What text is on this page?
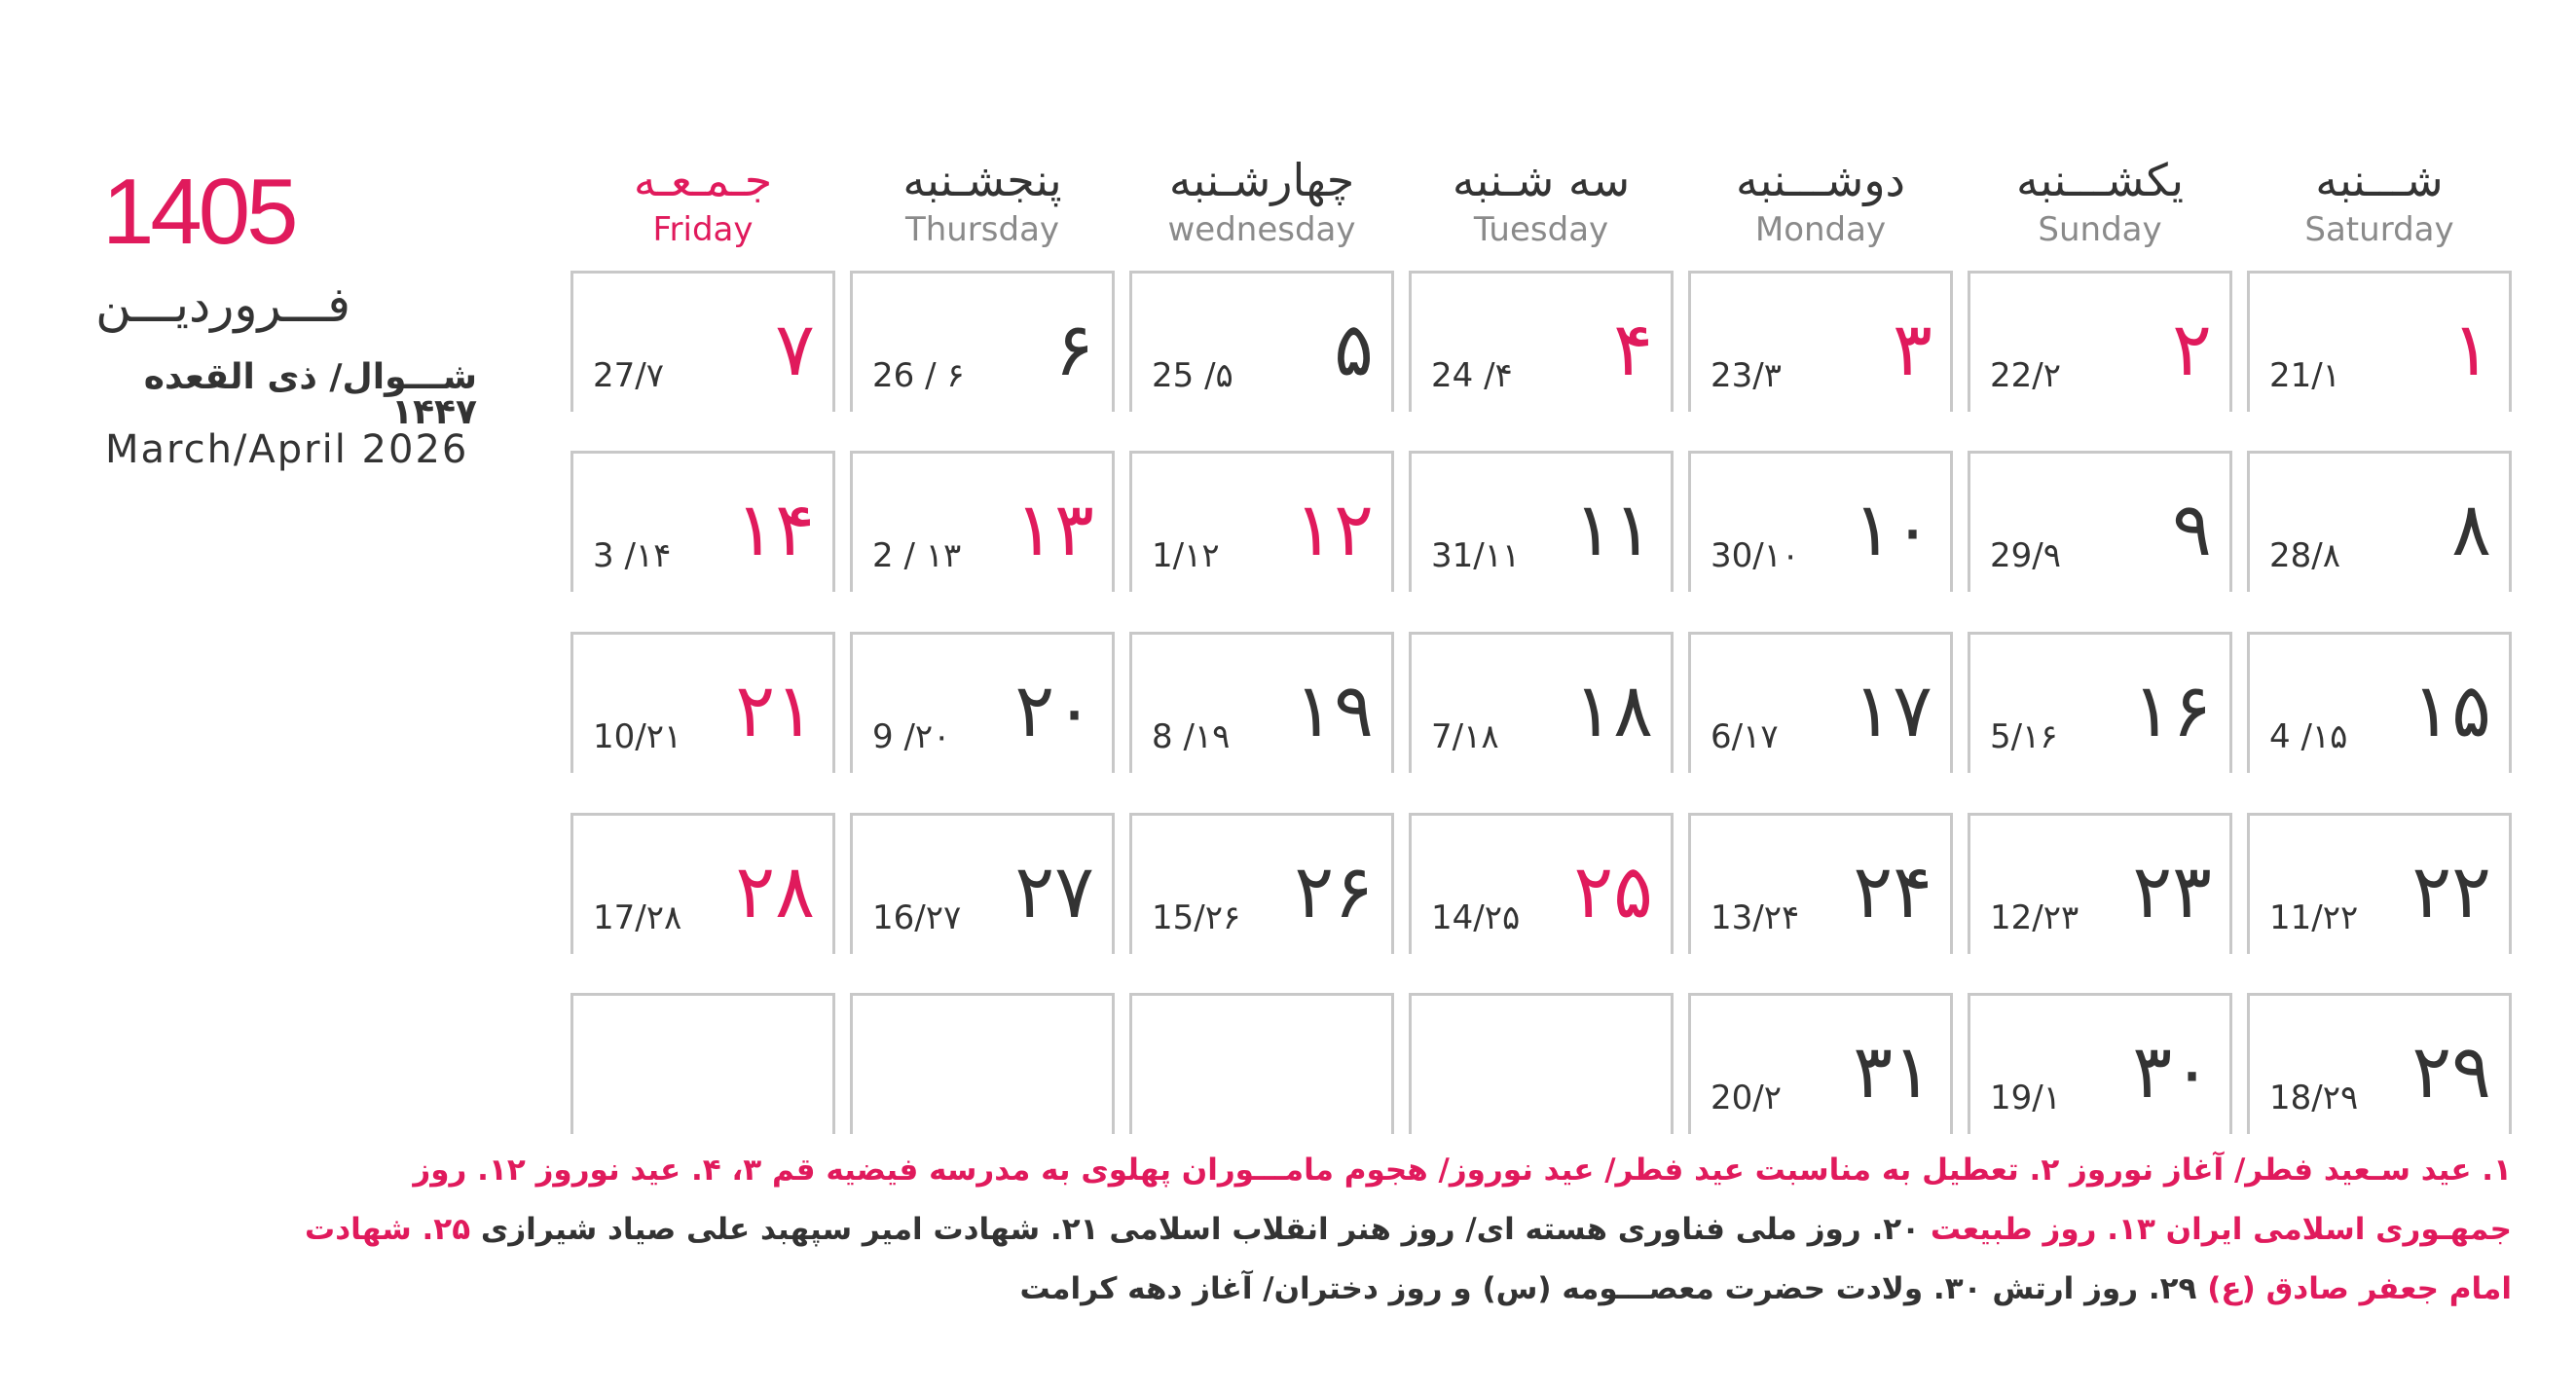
1405
فـــروردیـــن
شـــوال/ ذی القعده ۱۴۴۷
March/April 2026
شـــنبه
Saturday
یکشـــنبه
Sunday
دوشـــنبه
Monday
سه شـنبه
Tuesday
چهارشـنبه
wednesday
پنجشـنبه
Thursday
جـمـعـه
Friday
۱
21/۱
۲
22/۲
۳
23/۳
۴
24 /۴
۵
25 /۵
۶
26 / ۶
۷
27/۷
۸
28/۸
۹
29/۹
۱۰
30/۱۰
۱۱
31/۱۱
۱۲
1/۱۲
۱۳
2 / ۱۳
۱۴
3 /۱۴
۱۵
4 /۱۵
۱۶
5/۱۶
۱۷
6/۱۷
۱۸
7/۱۸
۱۹
8 /۱۹
۲۰
9 /۲۰
۲۱
10/۲۱
۲۲
11/۲۲
۲۳
12/۲۳
۲۴
13/۲۴
۲۵
14/۲۵
۲۶
15/۲۶
۲۷
16/۲۷
۲۸
17/۲۸
۲۹
18/۲۹
۳۰
19/۱
۳۱
20/۲
۱. عید سـعید فطر/ آغاز نوروز ۲. تعطیل به مناسبت عید فطر/ عید نوروز/ هجوم مامـــوران پهلوی به مدرسه فیضیه قم ۳، ۴. عید نوروز ۱۲. روز
جمهـوری اسلامی ایران ۱۳. روز طبیعت ۲۰. روز ملی فناوری هسته ای/ روز هنر انقلاب اسلامی ۲۱. شهادت امیر سپهبد علی صیاد شیرازی ۲۵. شهادت
امام جعفر صادق (ع) ۲۹. روز ارتش ۳۰. ولادت حضرت معصـــومه (س) و روز دختران/ آغاز دهه کرامت
